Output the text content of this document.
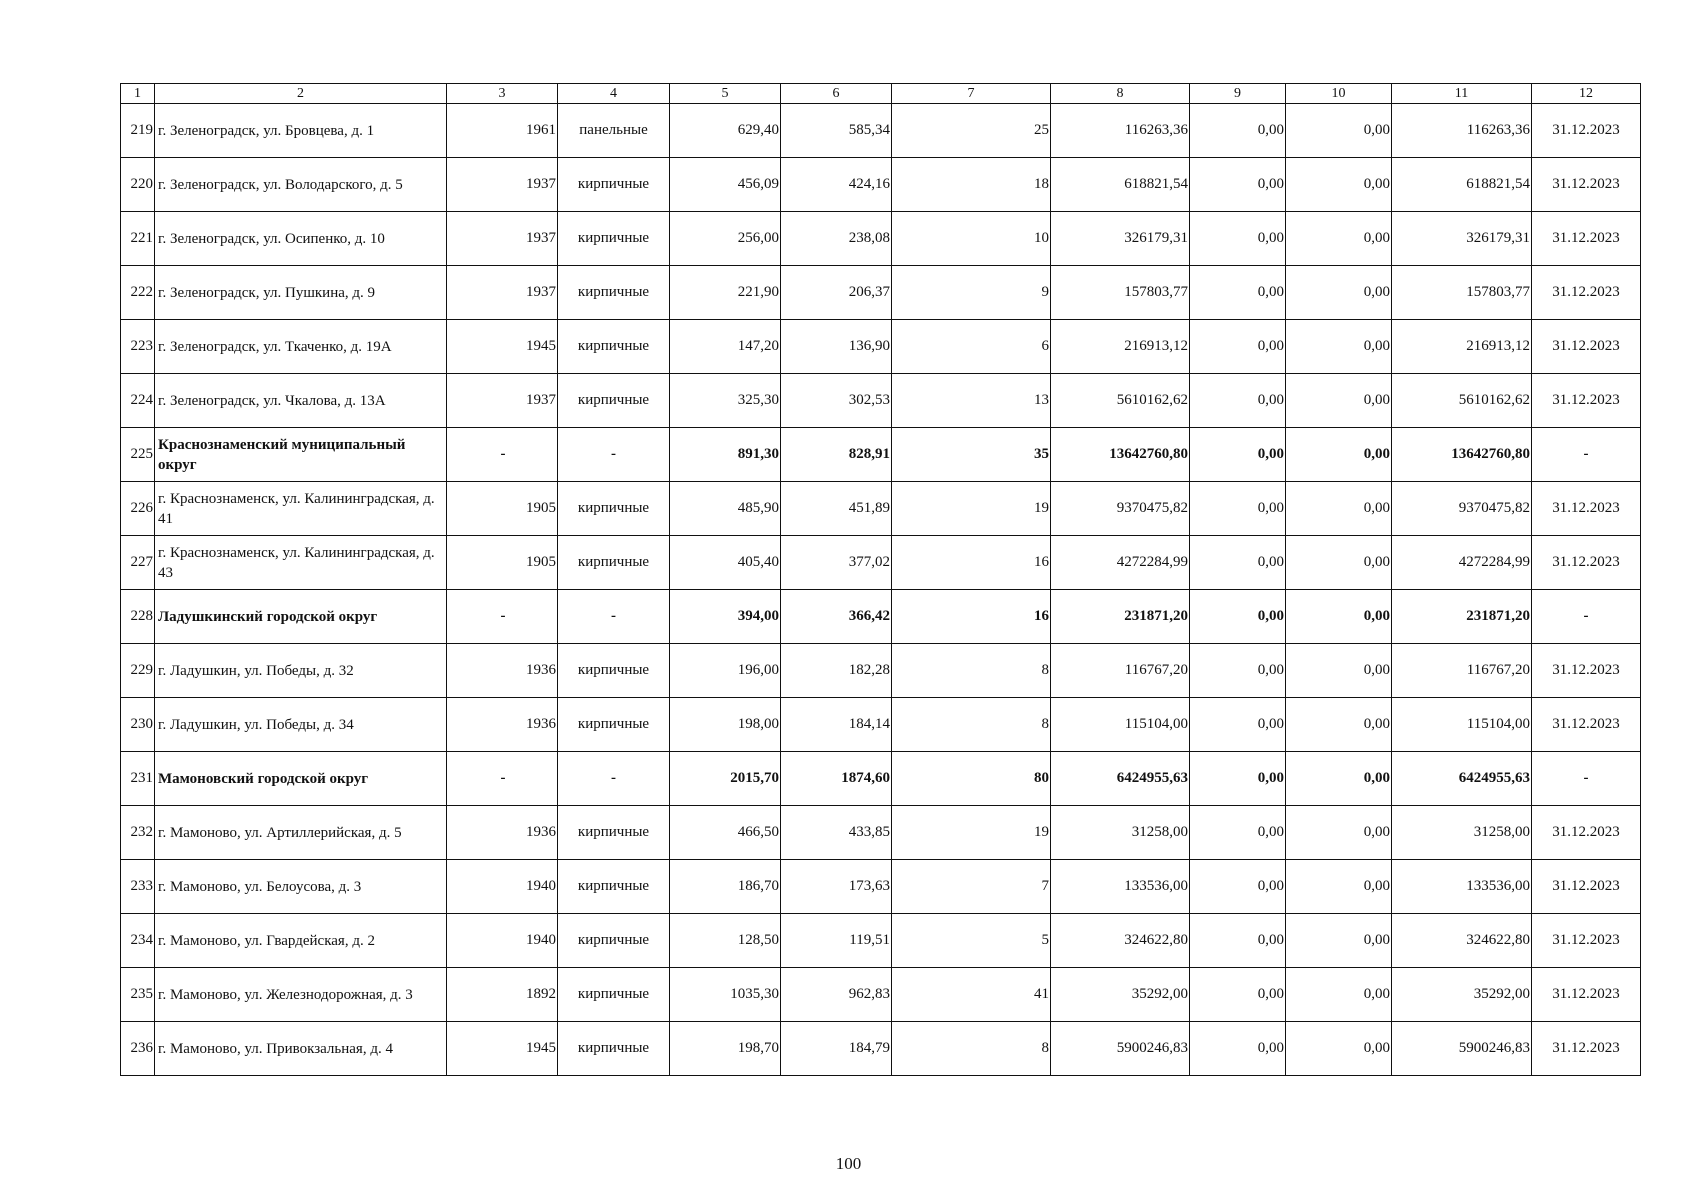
1	2	3	4	5	6	7	8	9	10	11	12
219	г. Зеленоградск, ул. Бровцева, д. 1	1961	панельные	629,40	585,34	25	116263,36	0,00	0,00	116263,36	31.12.2023
220	г. Зеленоградск, ул. Володарского, д. 5	1937	кирпичные	456,09	424,16	18	618821,54	0,00	0,00	618821,54	31.12.2023
221	г. Зеленоградск, ул. Осипенко, д. 10	1937	кирпичные	256,00	238,08	10	326179,31	0,00	0,00	326179,31	31.12.2023
222	г. Зеленоградск, ул. Пушкина, д. 9	1937	кирпичные	221,90	206,37	9	157803,77	0,00	0,00	157803,77	31.12.2023
223	г. Зеленоградск, ул. Ткаченко, д. 19А	1945	кирпичные	147,20	136,90	6	216913,12	0,00	0,00	216913,12	31.12.2023
224	г. Зеленоградск, ул. Чкалова, д. 13А	1937	кирпичные	325,30	302,53	13	5610162,62	0,00	0,00	5610162,62	31.12.2023
225	Краснознаменский муниципальный округ	-	-	891,30	828,91	35	13642760,80	0,00	0,00	13642760,80	-
226	г. Краснознаменск, ул. Калининградская, д. 41	1905	кирпичные	485,90	451,89	19	9370475,82	0,00	0,00	9370475,82	31.12.2023
227	г. Краснознаменск, ул. Калининградская, д. 43	1905	кирпичные	405,40	377,02	16	4272284,99	0,00	0,00	4272284,99	31.12.2023
228	Ладушкинский городской округ	-	-	394,00	366,42	16	231871,20	0,00	0,00	231871,20	-
229	г. Ладушкин, ул. Победы, д. 32	1936	кирпичные	196,00	182,28	8	116767,20	0,00	0,00	116767,20	31.12.2023
230	г. Ладушкин, ул. Победы, д. 34	1936	кирпичные	198,00	184,14	8	115104,00	0,00	0,00	115104,00	31.12.2023
231	Мамоновский городской округ	-	-	2015,70	1874,60	80	6424955,63	0,00	0,00	6424955,63	-
232	г. Мамоново, ул. Артиллерийская, д. 5	1936	кирпичные	466,50	433,85	19	31258,00	0,00	0,00	31258,00	31.12.2023
233	г. Мамоново, ул. Белоусова, д. 3	1940	кирпичные	186,70	173,63	7	133536,00	0,00	0,00	133536,00	31.12.2023
234	г. Мамоново, ул. Гвардейская, д. 2	1940	кирпичные	128,50	119,51	5	324622,80	0,00	0,00	324622,80	31.12.2023
235	г. Мамоново, ул. Железнодорожная, д. 3	1892	кирпичные	1035,30	962,83	41	35292,00	0,00	0,00	35292,00	31.12.2023
236	г. Мамоново, ул. Привокзальная, д. 4	1945	кирпичные	198,70	184,79	8	5900246,83	0,00	0,00	5900246,83	31.12.2023
100
